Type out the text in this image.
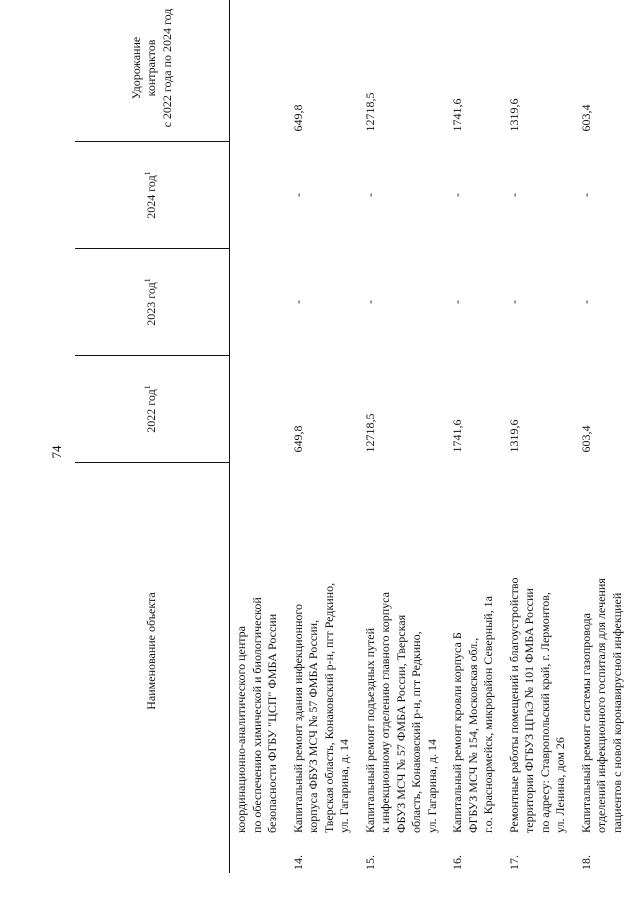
74
	Наименование объекта	2022 год$^1$	2023 год$^1$	2024 год$^1$	Удорожание контрактов с 2022 года по 2024 год

	координационно-аналитического центра по обеспечению химической и биологической безопасности ФГБУ "ЦСП" ФМБА России				

14.	Капитальный ремонт здания инфекционного корпуса ФБУЗ МСЧ № 57 ФМБА России, Тверская область, Конаковский р-н, пгт Редкино, ул. Гагарина, д. 14	649,8	-	-	649,8
15.	Капитальный ремонт подъездных путей к инфекционному отделению главного корпуса ФБУЗ МСЧ № 57 ФМБА России, Тверская область, Конаковский р-н, пгт Редкино, ул. Гагарина, д. 14	12718,5	-	-	12718,5
16.	Капитальный ремонт кровли корпуса Б ФГБУЗ МСЧ № 154, Московская обл., г.о. Красноармейск, микрорайон Северный, 1а	1741,6	-	-	1741,6
17.	Ремонтные работы помещений и благоустройство территории ФГБУЗ ЦГиЭ № 101 ФМБА России по адресу: Ставропольский край, г. Лермонтов, ул. Ленина, дом 26	1319,6	-	-	1319,6
18.	Капитальный ремонт системы газопровода отделений инфекционного госпиталя для лечения пациентов с новой коронавирусной инфекцией	603,4	-	-	603,4
